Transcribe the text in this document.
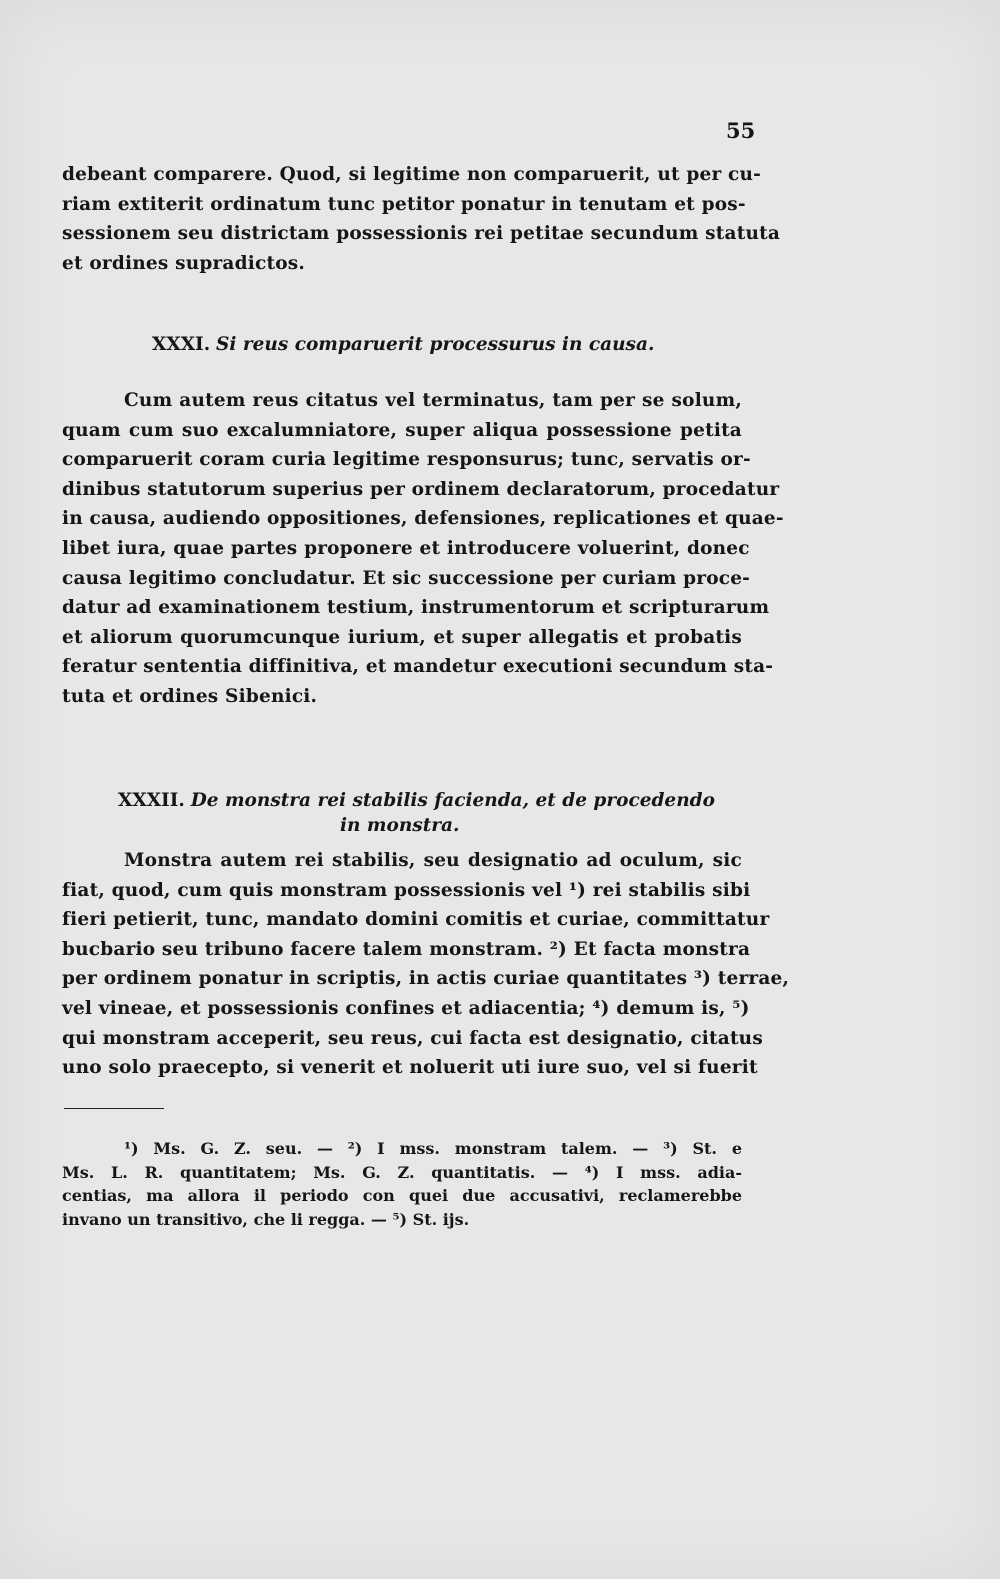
55
debeant comparere. Quod, si legitime non comparuerit, ut per cu-
riam extiterit ordinatum tunc petitor ponatur in tenutam et pos-
sessionem seu districtam possessionis rei petitae secundum statuta
et ordines supradictos.
XXXI. Si reus comparuerit processurus in causa.
Cum autem reus citatus vel terminatus, tam per se solum,
quam cum suo excalumniatore, super aliqua possessione petita
comparuerit coram curia legitime responsurus; tunc, servatis or-
dinibus statutorum superius per ordinem declaratorum, procedatur
in causa, audiendo oppositiones, defensiones, replicationes et quae-
libet iura, quae partes proponere et introducere voluerint, donec
causa legitimo concludatur. Et sic successione per curiam proce-
datur ad examinationem testium, instrumentorum et scripturarum
et aliorum quorumcunque iurium, et super allegatis et probatis
feratur sententia diffinitiva, et mandetur executioni secundum sta-
tuta et ordines Sibenici.
XXXII. De monstra rei stabilis facienda, et de procedendo
in monstra.
Monstra autem rei stabilis, seu designatio ad oculum, sic
fiat, quod, cum quis monstram possessionis vel ¹) rei stabilis sibi
fieri petierit, tunc, mandato domini comitis et curiae, committatur
bucbario seu tribuno facere talem monstram. ²) Et facta monstra
per ordinem ponatur in scriptis, in actis curiae quantitates ³) terrae,
vel vineae, et possessionis confines et adiacentia; ⁴) demum is, ⁵)
qui monstram acceperit, seu reus, cui facta est designatio, citatus
uno solo praecepto, si venerit et noluerit uti iure suo, vel si fuerit
¹) Ms. G. Z. seu. — ²) I mss. monstram talem. — ³) St. e
Ms. L. R. quantitatem; Ms. G. Z. quantitatis. — ⁴) I mss. adia-
centias, ma allora il periodo con quei due accusativi, reclamerebbe
invano un transitivo, che li regga. — ⁵) St. ijs.
